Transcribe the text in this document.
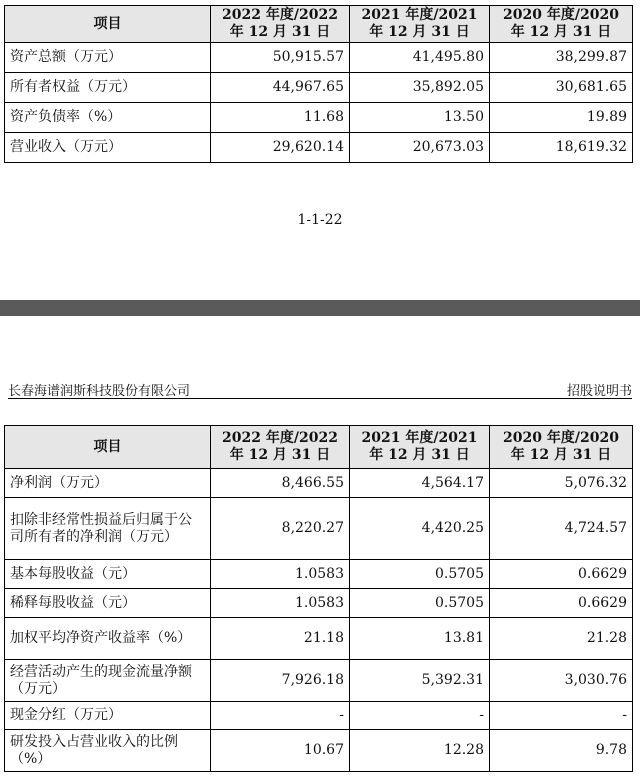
项目	2022 年度/2022 年 12 月 31 日	2021 年度/2021 年 12 月 31 日	2020 年度/2020 年 12 月 31 日
资产总额（万元）	50,915.57	41,495.80	38,299.87
所有者权益（万元）	44,967.65	35,892.05	30,681.65
资产负债率（%）	11.68	13.50	19.89
营业收入（万元）	29,620.14	20,673.03	18,619.32
1-1-22
长春海谱润斯科技股份有限公司	招股说明书
项目	2022 年度/2022 年 12 月 31 日	2021 年度/2021 年 12 月 31 日	2020 年度/2020 年 12 月 31 日
净利润（万元）	8,466.55	4,564.17	5,076.32
扣除非经常性损益后归属于公司所有者的净利润（万元）	8,220.27	4,420.25	4,724.57
基本每股收益（元）	1.0583	0.5705	0.6629
稀释每股收益（元）	1.0583	0.5705	0.6629
加权平均净资产收益率（%）	21.18	13.81	21.28
经营活动产生的现金流量净额（万元）	7,926.18	5,392.31	3,030.76
现金分红（万元）	-	-	-
研发投入占营业收入的比例（%）	10.67	12.28	9.78
